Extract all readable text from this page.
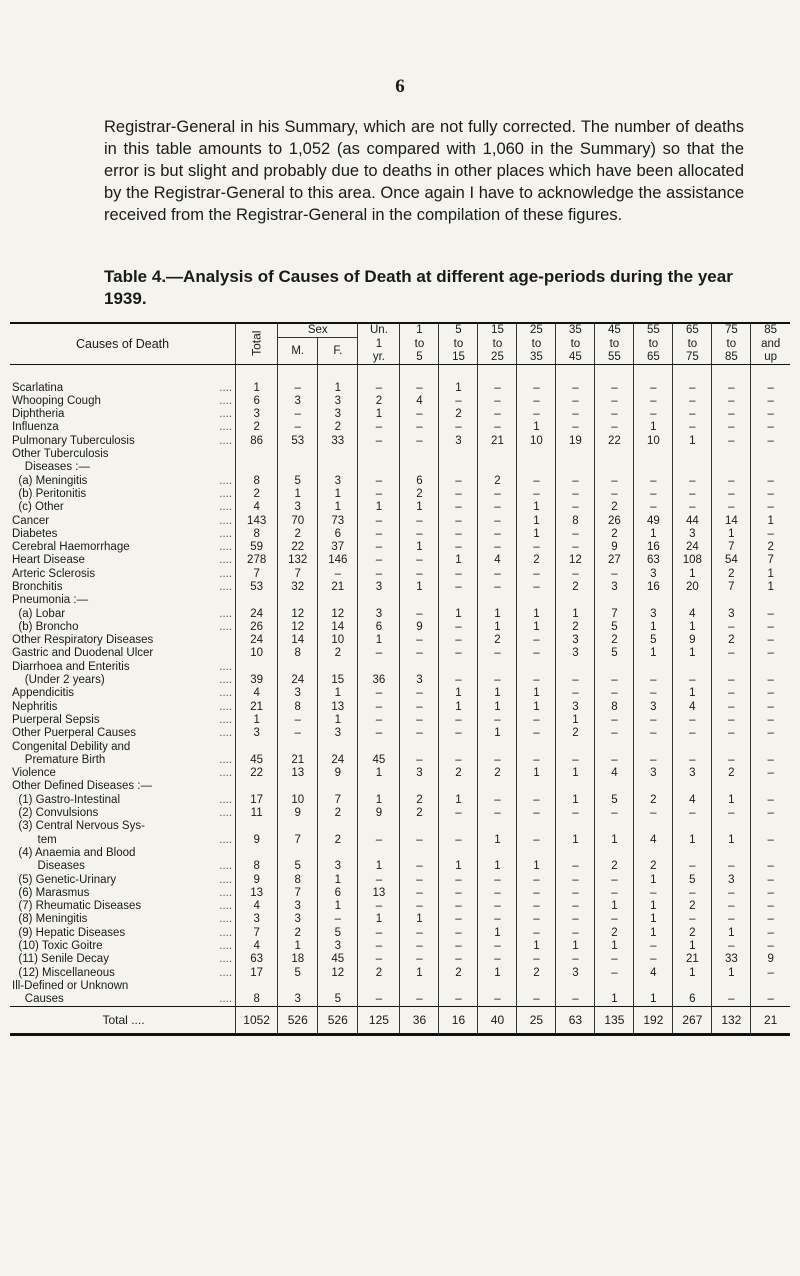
6
Registrar-General in his Summary, which are not fully corrected. The number of deaths in this table amounts to 1,052 (as compared with 1,060 in the Summary) so that the error is but slight and probably due to deaths in other places which have been allocated by the Registrar-General to this area. Once again I have to acknowledge the assistance received from the Registrar-General in the compilation of these figures.
Table 4.—Analysis of Causes of Death at different age-periods during the year 1939.
Causes of Death	Total	Sex		Un.	1	5	15	25	35	45	55	65	75	85
		M.	F.	1	to	to	to	to	to	to	to	to	to	and
				yr.	5	15	25	35	45	55	65	75	85	up

Scarlatina ....	1	–	1	–	–	1	–	–	–	–	–	–	–	–
Whooping Cough ....	6	3	3	2	4	–	–	–	–	–	–	–	–	–
Diphtheria ....	3	–	3	1	–	2	–	–	–	–	–	–	–	–
Influenza ....	2	–	2	–	–	–	–	1	–	–	1	–	–	–
Pulmonary Tuberculosis ....	86	53	33	–	–	3	21	10	19	22	10	1	–	–
Other Tuberculosis														
Diseases :—														
(a) Meningitis ....	8	5	3	–	6	–	2	–	–	–	–	–	–	–
(b) Peritonitis ....	2	1	1	–	2	–	–	–	–	–	–	–	–	–
(c) Other ....	4	3	1	1	1	–	–	1	–	2	–	–	–	–
Cancer ....	143	70	73	–	–	–	–	1	8	26	49	44	14	1
Diabetes ....	8	2	6	–	–	–	–	1	–	2	1	3	1	–
Cerebral Haemorrhage ....	59	22	37	–	1	–	–	–	–	9	16	24	7	2
Heart Disease ....	278	132	146	–	–	1	4	2	12	27	63	108	54	7
Arteric Sclerosis ....	7	7	–	–	–	–	–	–	–	–	3	1	2	1
Bronchitis ....	53	32	21	3	1	–	–	–	2	3	16	20	7	1
Pneumonia :—														
(a) Lobar ....	24	12	12	3	–	1	1	1	1	7	3	4	3	–
(b) Broncho ....	26	12	14	6	9	–	1	1	2	5	1	1	–	–
Other Respiratory Diseases	24	14	10	1	–	–	2	–	3	2	5	9	2	–
Gastric and Duodenal Ulcer	10	8	2	–	–	–	–	–	3	5	1	1	–	–
Diarrhoea and Enteritis ....														

(Under 2 years) ....	39	24	15	36	3	–	–	–	–	–	–	–	–	–
Appendicitis ....	4	3	1	–	–	1	1	1	–	–	–	1	–	–
Nephritis ....	21	8	13	–	–	1	1	1	3	8	3	4	–	–
Puerperal Sepsis ....	1	–	1	–	–	–	–	–	1	–	–	–	–	–
Other Puerperal Causes ....	3	–	3	–	–	–	1	–	2	–	–	–	–	–
Congenital Debility and														
Premature Birth ....	45	21	24	45	–	–	–	–	–	–	–	–	–	–
Violence ....	22	13	9	1	3	2	2	1	1	4	3	3	2	–
Other Defined Diseases :—														
(1) Gastro-Intestinal ....	17	10	7	1	2	1	–	–	1	5	2	4	1	–
(2) Convulsions ....	11	9	2	9	2	–	–	–	–	–	–	–	–	–
(3) Central Nervous Sys-														
tem ....	9	7	2	–	–	–	1	–	1	1	4	1	1	–
(4) Anaemia and Blood														
Diseases ....	8	5	3	1	–	1	1	1	–	2	2	–	–	–
(5) Genetic-Urinary ....	9	8	1	–	–	–	–	–	–	–	1	5	3	–
(6) Marasmus ....	13	7	6	13	–	–	–	–	–	–	–	–	–	–
(7) Rheumatic Diseases ....	4	3	1	–	–	–	–	–	–	1	1	2	–	–
(8) Meningitis ....	3	3	–	1	1	–	–	–	–	–	1	–	–	–
(9) Hepatic Diseases ....	7	2	5	–	–	–	1	–	–	2	1	2	1	–
(10) Toxic Goitre ....	4	1	3	–	–	–	–	1	1	1	–	1	–	–
(11) Senile Decay ....	63	18	45	–	–	–	–	–	–	–	–	21	33	9
(12) Miscellaneous ....	17	5	12	2	1	2	1	2	3	–	4	1	1	–
Ill-Defined or Unknown														
Causes ....	8	3	5	–	–	–	–	–	–	1	1	6	–	–
Total ....	1052	526	526	125	36	16	40	25	63	135	192	267	132	21
